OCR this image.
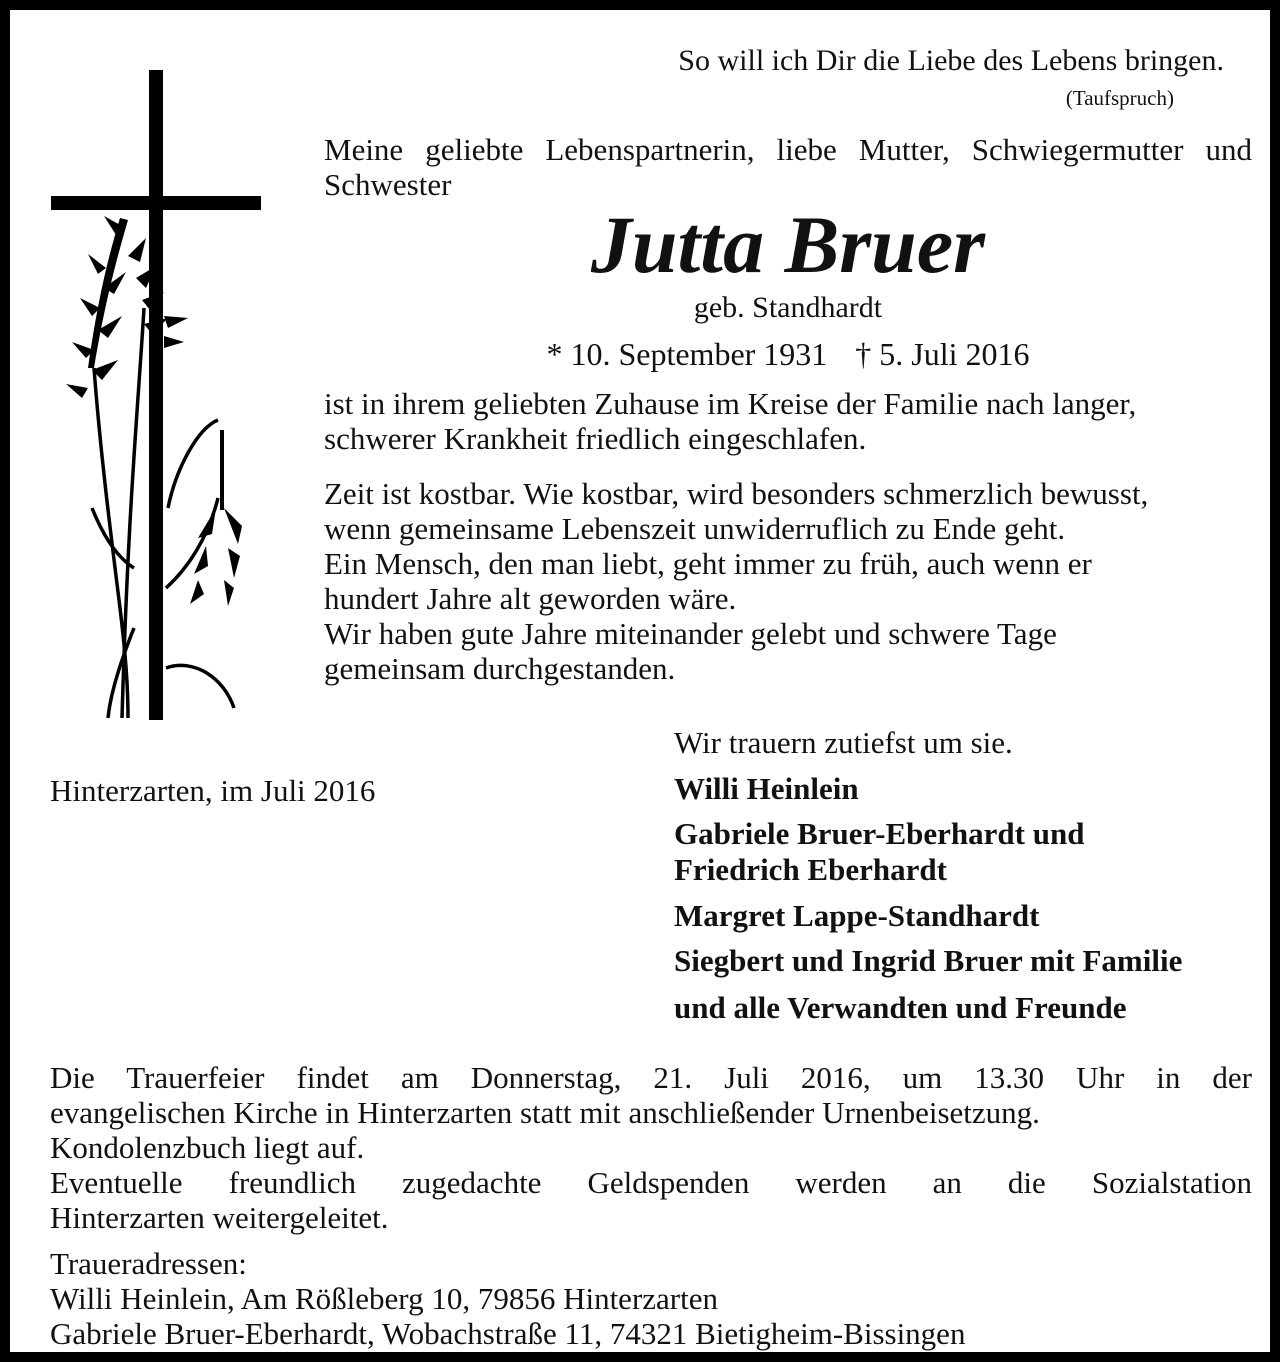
So will ich Dir die Liebe des Lebens bringen.
(Taufspruch)
Meine geliebte Lebenspartnerin, liebe Mutter, Schwiegermutter und Schwester
Jutta Bruer
geb. Standhardt
* 10. September 1931 † 5. Juli 2016
ist in ihrem geliebten Zuhause im Kreise der Familie nach langer, schwerer Krankheit friedlich eingeschlafen.
Zeit ist kostbar. Wie kostbar, wird besonders schmerzlich bewusst,
wenn gemeinsame Lebenszeit unwiderruflich zu Ende geht.
Ein Mensch, den man liebt, geht immer zu früh, auch wenn er
hundert Jahre alt geworden wäre.
Wir haben gute Jahre miteinander gelebt und schwere Tage
gemeinsam durchgestanden.
Wir trauern zutiefst um sie.
Hinterzarten, im Juli 2016	Willi Heinlein
Gabriele Bruer-Eberhardt und
Friedrich Eberhardt
Margret Lappe-Standhardt
Siegbert und Ingrid Bruer mit Familie
und alle Verwandten und Freunde
Die Trauerfeier findet am Donnerstag, 21. Juli 2016, um 13.30 Uhr in der
evangelischen Kirche in Hinterzarten statt mit anschließender Urnenbeisetzung.
Kondolenzbuch liegt auf.
Eventuelle freundlich zugedachte Geldspenden werden an die Sozialstation
Hinterzarten weitergeleitet.
Traueradressen:
Willi Heinlein, Am Rößleberg 10, 79856 Hinterzarten
Gabriele Bruer-Eberhardt, Wobachstraße 11, 74321 Bietigheim-Bissingen
